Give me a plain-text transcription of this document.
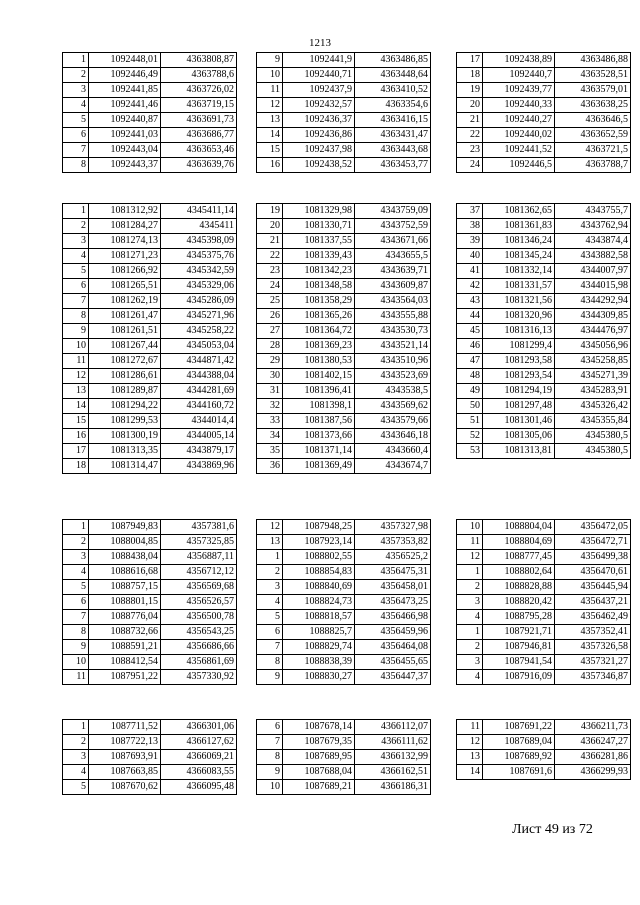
1213
1	1092448,01	4363808,87
2	1092446,49	4363788,6
3	1092441,85	4363726,02
4	1092441,46	4363719,15
5	1092440,87	4363691,73
6	1092441,03	4363686,77
7	1092443,04	4363653,46
8	1092443,37	4363639,76
9	1092441,9	4363486,85
10	1092440,71	4363448,64
11	1092437,9	4363410,52
12	1092432,57	4363354,6
13	1092436,37	4363416,15
14	1092436,86	4363431,47
15	1092437,98	4363443,68
16	1092438,52	4363453,77
17	1092438,89	4363486,88
18	1092440,7	4363528,51
19	1092439,77	4363579,01
20	1092440,33	4363638,25
21	1092440,27	4363646,5
22	1092440,02	4363652,59
23	1092441,52	4363721,5
24	1092446,5	4363788,7
1	1081312,92	4345411,14
2	1081284,27	4345411
3	1081274,13	4345398,09
4	1081271,23	4345375,76
5	1081266,92	4345342,59
6	1081265,51	4345329,06
7	1081262,19	4345286,09
8	1081261,47	4345271,96
9	1081261,51	4345258,22
10	1081267,44	4345053,04
11	1081272,67	4344871,42
12	1081286,61	4344388,04
13	1081289,87	4344281,69
14	1081294,22	4344160,72
15	1081299,53	4344014,4
16	1081300,19	4344005,14
17	1081313,35	4343879,17
18	1081314,47	4343869,96
19	1081329,98	4343759,09
20	1081330,71	4343752,59
21	1081337,55	4343671,66
22	1081339,43	4343655,5
23	1081342,23	4343639,71
24	1081348,58	4343609,87
25	1081358,29	4343564,03
26	1081365,26	4343555,88
27	1081364,72	4343530,73
28	1081369,23	4343521,14
29	1081380,53	4343510,96
30	1081402,15	4343523,69
31	1081396,41	4343538,5
32	1081398,1	4343569,62
33	1081387,56	4343579,66
34	1081373,66	4343646,18
35	1081371,14	4343660,4
36	1081369,49	4343674,7
37	1081362,65	4343755,7
38	1081361,83	4343762,94
39	1081346,24	4343874,4
40	1081345,24	4343882,58
41	1081332,14	4344007,97
42	1081331,57	4344015,98
43	1081321,56	4344292,94
44	1081320,96	4344309,85
45	1081316,13	4344476,97
46	1081299,4	4345056,96
47	1081293,58	4345258,85
48	1081293,54	4345271,39
49	1081294,19	4345283,91
50	1081297,48	4345326,42
51	1081301,46	4345355,84
52	1081305,06	4345380,5
53	1081313,81	4345380,5
1	1087949,83	4357381,6
2	1088004,85	4357325,85
3	1088438,04	4356887,11
4	1088616,68	4356712,12
5	1088757,15	4356569,68
6	1088801,15	4356526,57
7	1088776,04	4356500,78
8	1088732,66	4356543,25
9	1088591,21	4356686,66
10	1088412,54	4356861,69
11	1087951,22	4357330,92
12	1087948,25	4357327,98
13	1087923,14	4357353,82
1	1088802,55	4356525,2
2	1088854,83	4356475,31
3	1088840,69	4356458,01
4	1088824,73	4356473,25
5	1088818,57	4356466,98
6	1088825,7	4356459,96
7	1088829,74	4356464,08
8	1088838,39	4356455,65
9	1088830,27	4356447,37
10	1088804,04	4356472,05
11	1088804,69	4356472,71
12	1088777,45	4356499,38
1	1088802,64	4356470,61
2	1088828,88	4356445,94
3	1088820,42	4356437,21
4	1088795,28	4356462,49
1	1087921,71	4357352,41
2	1087946,81	4357326,58
3	1087941,54	4357321,27
4	1087916,09	4357346,87
1	1087711,52	4366301,06
2	1087722,13	4366127,62
3	1087693,91	4366069,21
4	1087663,85	4366083,55
5	1087670,62	4366095,48
6	1087678,14	4366112,07
7	1087679,35	4366111,62
8	1087689,95	4366132,99
9	1087688,04	4366162,51
10	1087689,21	4366186,31
11	1087691,22	4366211,73
12	1087689,04	4366247,27
13	1087689,92	4366281,86
14	1087691,6	4366299,93
Лист 49 из 72
